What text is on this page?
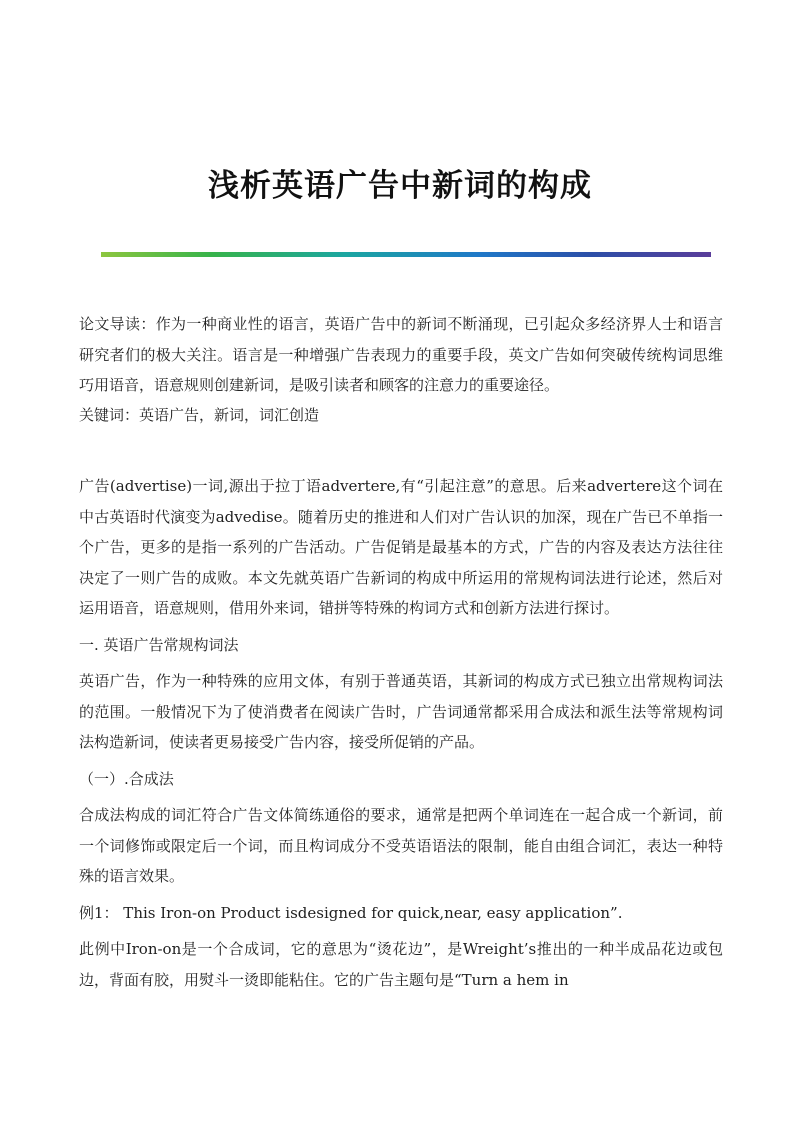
浅析英语广告中新词的构成

论文导读：作为一种商业性的语言，英语广告中的新词不断涌现，已引起众多经济界人士和语言研究者们的极大关注。语言是一种增强广告表现力的重要手段，英文广告如何突破传统构词思维巧用语音，语意规则创建新词，是吸引读者和顾客的注意力的重要途径。

关键词：英语广告，新词，词汇创造

广告(advertise)一词,源出于拉丁语advertere,有“引起注意”的意思。后来advertere这个词在中古英语时代演变为advedise。随着历史的推进和人们对广告认识的加深，现在广告已不单指一个广告，更多的是指一系列的广告活动。广告促销是最基本的方式，广告的内容及表达方法往往决定了一则广告的成败。本文先就英语广告新词的构成中所运用的常规构词法进行论述，然后对运用语音，语意规则，借用外来词，错拼等特殊的构词方式和创新方法进行探讨。

一. 英语广告常规构词法

英语广告，作为一种特殊的应用文体，有别于普通英语，其新词的构成方式已独立出常规构词法的范围。一般情况下为了使消费者在阅读广告时，广告词通常都采用合成法和派生法等常规构词法构造新词，使读者更易接受广告内容，接受所促销的产品。

（一）.合成法

合成法构成的词汇符合广告文体简练通俗的要求，通常是把两个单词连在一起合成一个新词，前一个词修饰或限定后一个词，而且构词成分不受英语语法的限制，能自由组合词汇，表达一种特殊的语言效果。

例1： This Iron-on Product isdesigned for quick,near, easy application”.

此例中Iron-on是一个合成词，它的意思为“烫花边”，是Wreight’s推出的一种半成品花边或包边，背面有胶，用熨斗一烫即能粘住。它的广告主题句是“Turn a hem in
